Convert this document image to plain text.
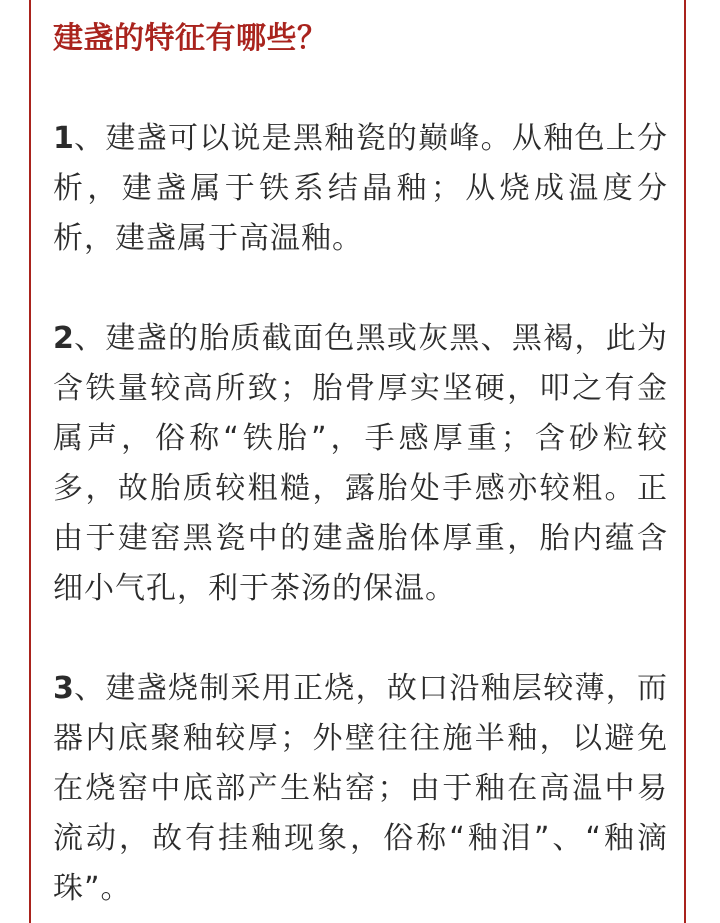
建盏的特征有哪些？

1、建盏可以说是黑釉瓷的巅峰。从釉色上分析，建盏属于铁系结晶釉；从烧成温度分析，建盏属于高温釉。

2、建盏的胎质截面色黑或灰黑、黑褐，此为含铁量较高所致；胎骨厚实坚硬，叩之有金属声，俗称“铁胎”，手感厚重；含砂粒较多，故胎质较粗糙，露胎处手感亦较粗。正由于建窑黑瓷中的建盏胎体厚重，胎内蕴含细小气孔，利于茶汤的保温。

3、建盏烧制采用正烧，故口沿釉层较薄，而器内底聚釉较厚；外壁往往施半釉，以避免在烧窑中底部产生粘窑；由于釉在高温中易流动，故有挂釉现象，俗称“釉泪”、“釉滴珠”。
